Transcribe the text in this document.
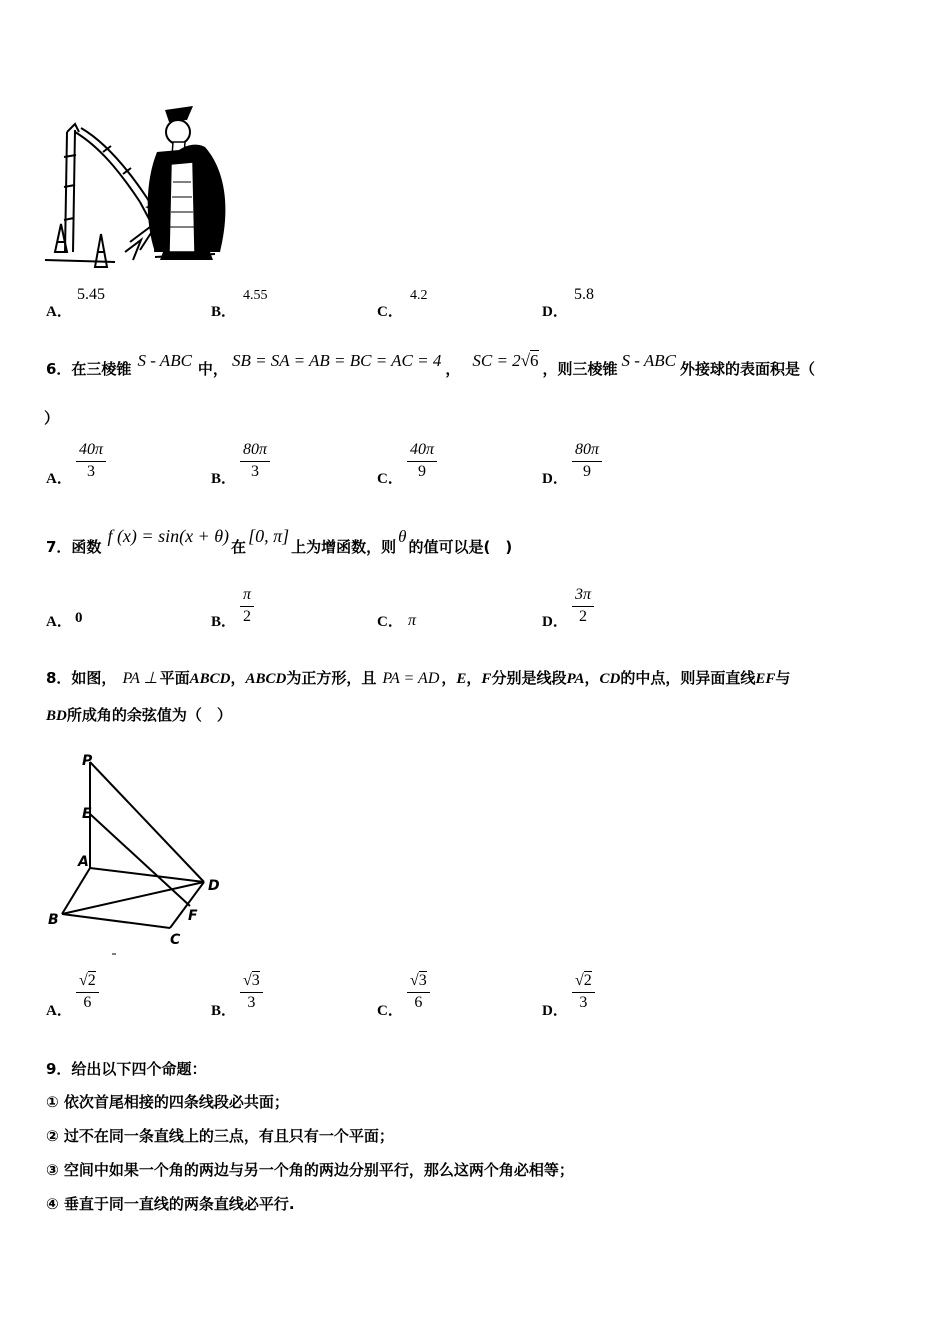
A．
5.45
B．
4.55
C．
4.2
D．
5.8
6．在三棱锥 S - ABC 中， SB = SA = AB = BC = AC = 4 ， SC = 2√6 ，则三棱锥 S - ABC 外接球的表面积是（
）
A． $\frac{40\pi}{3}$	B． $\frac{80\pi}{3}$	C． $\frac{40\pi}{9}$	D． $\frac{80\pi}{9}$
7．函数f (x) = sin(x + θ)在[0, π]上为增函数，则θ的值可以是(　)
A． 0	B． $\frac{\pi}{2}$	C． π	D． $\frac{3\pi}{2}$
8．如图， PA ⊥ 平面ABCD，ABCD为正方形，且 PA = AD ，E，F分别是线段PA，CD的中点，则异面直线EF与
BD所成角的余弦值为（　）
P
E
A
D
B	F
C
A． $\frac{√2}{6}$	B． $\frac{√3}{3}$	C． $\frac{√3}{6}$	D． $\frac{√2}{3}$
9．给出以下四个命题：
① 依次首尾相接的四条线段必共面；
② 过不在同一条直线上的三点，有且只有一个平面；
③ 空间中如果一个角的两边与另一个角的两边分别平行，那么这两个角必相等；
④ 垂直于同一直线的两条直线必平行.
